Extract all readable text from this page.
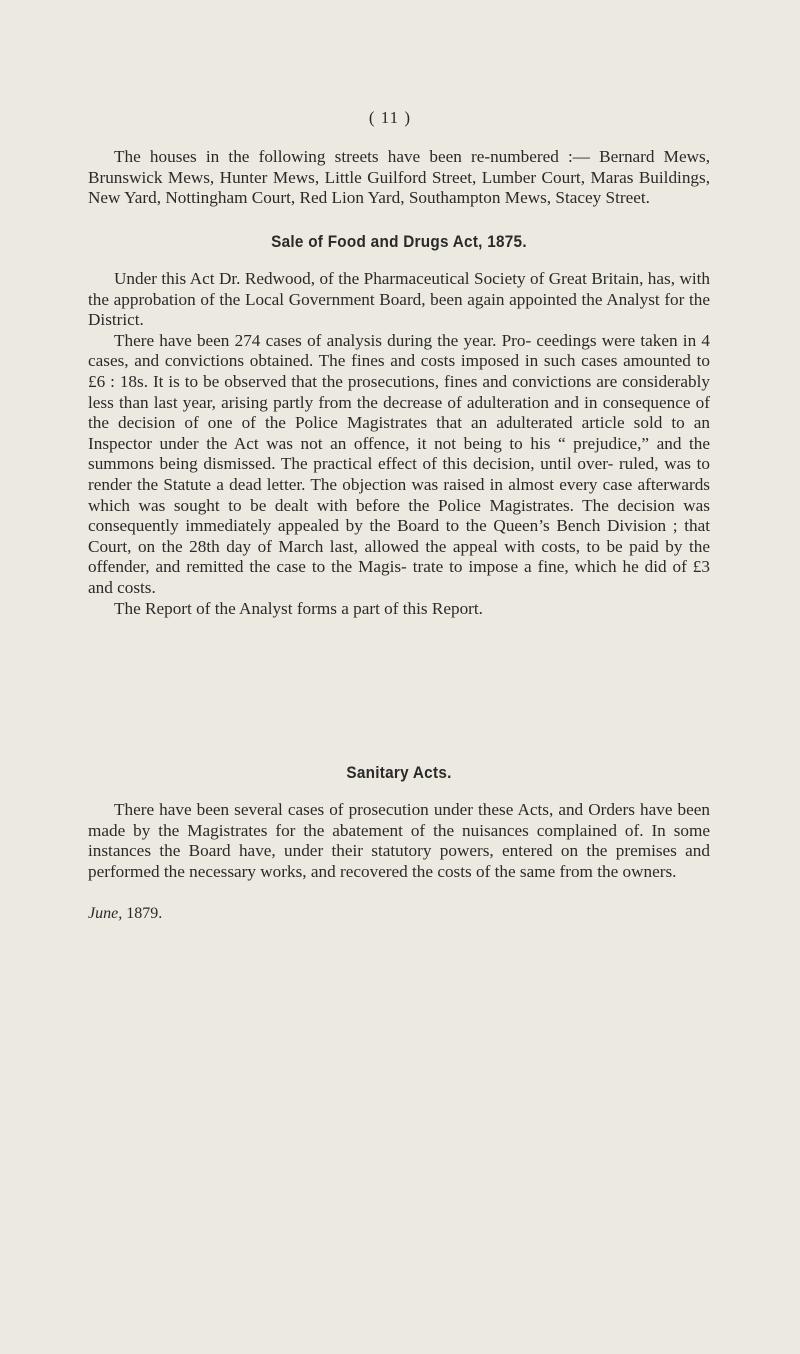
( 11 )

The houses in the following streets have been re-numbered :— Bernard Mews, Brunswick Mews, Hunter Mews, Little Guilford Street, Lumber Court, Maras Buildings, New Yard, Nottingham Court, Red Lion Yard, Southampton Mews, Stacey Street.

Sale of Food and Drugs Act, 1875.

Under this Act Dr. Redwood, of the Pharmaceutical Society of Great Britain, has, with the approbation of the Local Government Board, been again appointed the Analyst for the District.

There have been 274 cases of analysis during the year. Pro- ceedings were taken in 4 cases, and convictions obtained. The fines and costs imposed in such cases amounted to £6 : 18s. It is to be observed that the prosecutions, fines and convictions are considerably less than last year, arising partly from the decrease of adulteration and in consequence of the decision of one of the Police Magistrates that an adulterated article sold to an Inspector under the Act was not an offence, it not being to his “ prejudice,” and the summons being dismissed. The practical effect of this decision, until over- ruled, was to render the Statute a dead letter. The objection was raised in almost every case afterwards which was sought to be dealt with before the Police Magistrates. The decision was consequently immediately appealed by the Board to the Queen’s Bench Division ; that Court, on the 28th day of March last, allowed the appeal with costs, to be paid by the offender, and remitted the case to the Magis- trate to impose a fine, which he did of £3 and costs.

The Report of the Analyst forms a part of this Report.

Sanitary Acts.

There have been several cases of prosecution under these Acts, and Orders have been made by the Magistrates for the abatement of the nuisances complained of. In some instances the Board have, under their statutory powers, entered on the premises and performed the necessary works, and recovered the costs of the same from the owners.

June, 1879.
